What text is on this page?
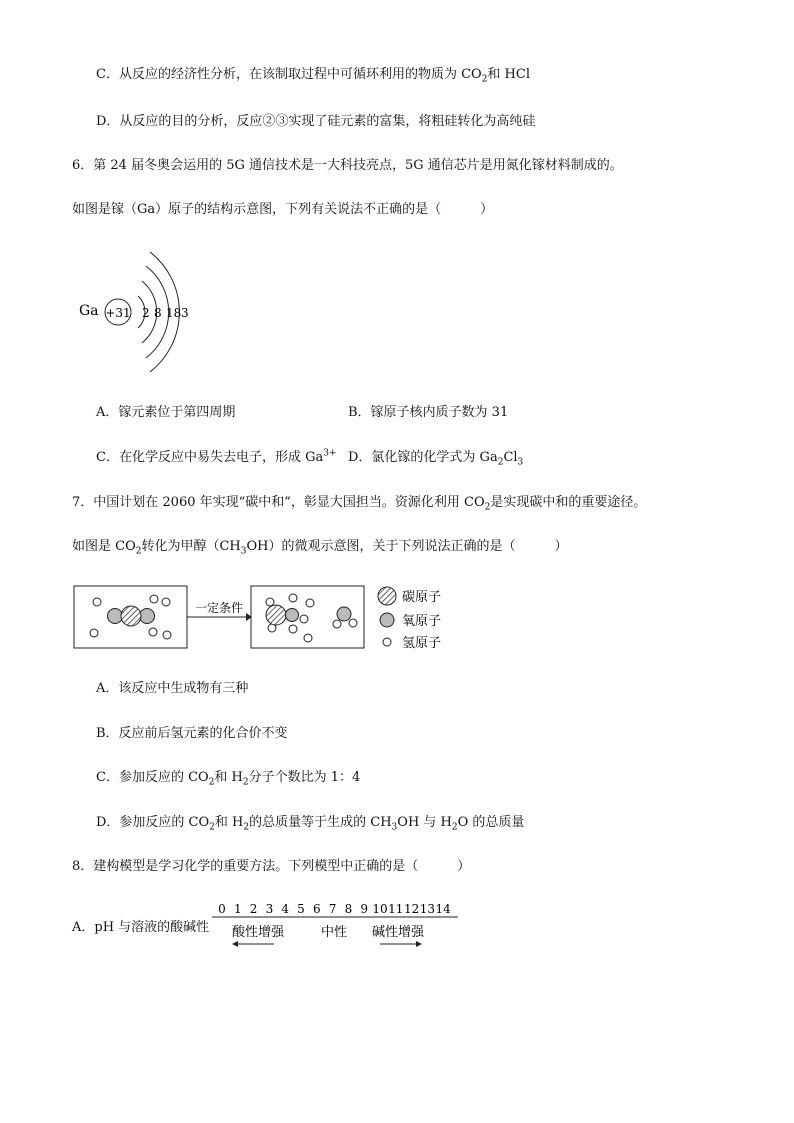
C．从反应的经济性分析，在该制取过程中可循环利用的物质为 $CO_2$和 HCl
D．从反应的目的分析，反应②③实现了硅元素的富集，将粗硅转化为高纯硅
6．第 24 届冬奥会运用的 5G 通信技术是一大科技亮点，5G 通信芯片是用氮化镓材料制成的。
如图是镓（Ga）原子的结构示意图，下列有关说法不正确的是（　　　）
Ga +31 2 8 18 3
A．镓元素位于第四周期	B．镓原子核内质子数为 31
C．在化学反应中易失去电子，形成 $Ga^{3+}$ D．氯化镓的化学式为 $Ga_2Cl_3$
7．中国计划在 2060 年实现“碳中和”，彰显大国担当。资源化利用 $CO_2$是实现碳中和的重要途径。
如图是 $CO_2$转化为甲醇$(CH_3OH)$的微观示意图，关于下列说法正确的是（　　　）
一定条件
碳原子
氧原子
氢原子
A．该反应中生成物有三种
B．反应前后氢元素的化合价不变
C．参加反应的 $CO_2$和 $H_2$分子个数比为 1：4
D．参加反应的 $CO_2$和 $H_2$的总质量等于生成的 $CH_3OH$ 与 $H_2O$ 的总质量
8．建构模型是学习化学的重要方法。下列模型中正确的是（　　　）
A．pH 与溶液的酸碱性
0 1 2 3 4 5 6 7 8 9 10 11 12 13 14
酸性增强	中性 碱性增强
